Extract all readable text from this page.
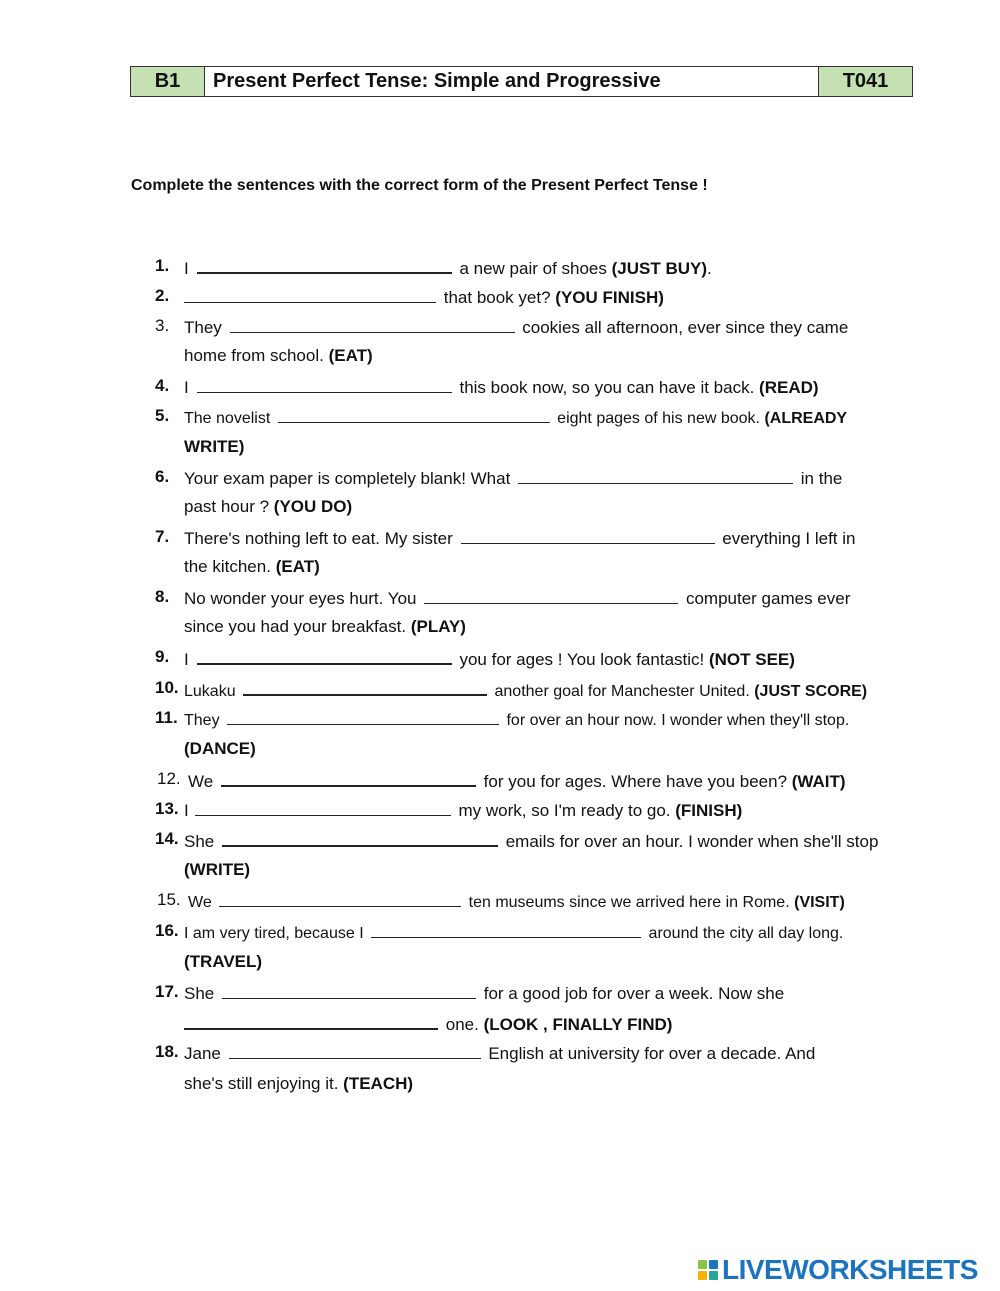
B1	Present Perfect Tense: Simple and Progressive	T041
Complete the sentences with the correct form of the Present Perfect Tense !
1. I	a new pair of shoes (JUST BUY).
2.	that book yet? (YOU FINISH)
3. They	cookies all afternoon, ever since they came
home from school. (EAT)
4. I	this book now, so you can have it back. (READ)
5. The novelist	eight pages of his new book. (ALREADY
WRITE)
6. Your exam paper is completely blank! What	in the
past hour ? (YOU DO)
7. There's nothing left to eat. My sister	everything I left in
the kitchen. (EAT)
8. No wonder your eyes hurt. You	computer games ever
since you had your breakfast. (PLAY)
9. I	you for ages ! You look fantastic! (NOT SEE)
10. Lukaku	another goal for Manchester United. (JUST SCORE)
11. They	for over an hour now. I wonder when they'll stop.
(DANCE)
12. We	for you for ages. Where have you been? (WAIT)
13. I	my work, so I'm ready to go. (FINISH)
14. She	emails for over an hour. I wonder when she'll stop
(WRITE)
15. We	ten museums since we arrived here in Rome. (VISIT)
16. I am very tired, because I	around the city all day long.
(TRAVEL)
17. She	for a good job for over a week. Now she
one. (LOOK , FINALLY FIND)
18. Jane	English at university for over a decade. And
she's still enjoying it. (TEACH)
LIVEWORKSHEETS
